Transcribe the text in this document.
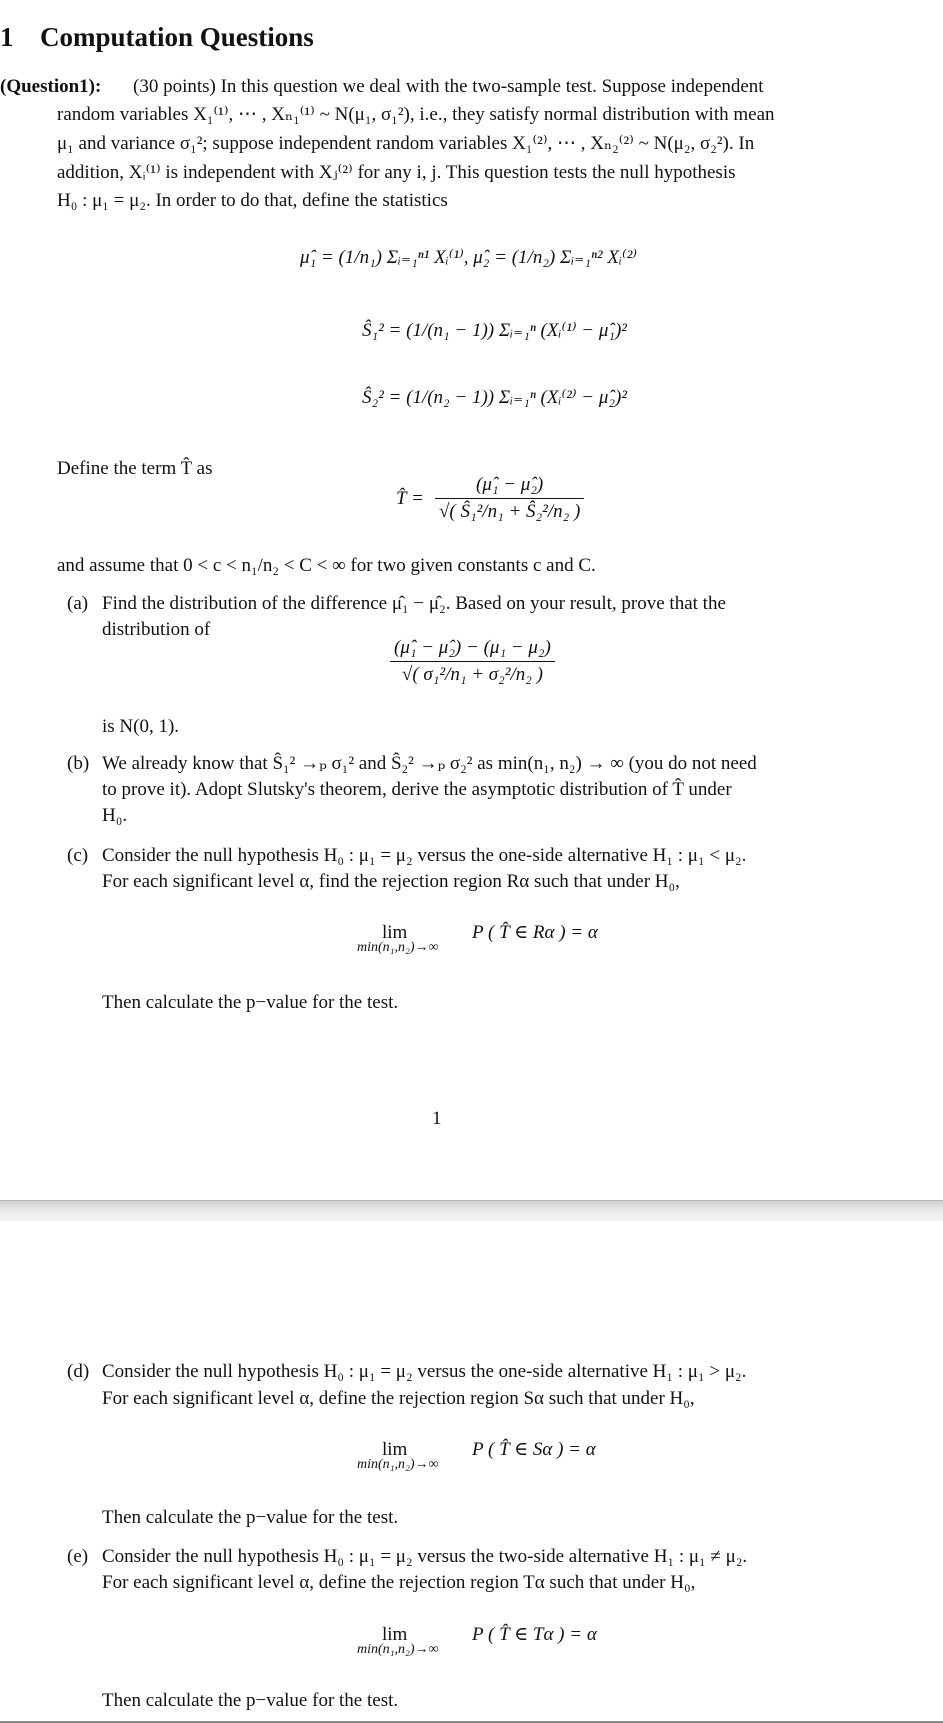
1 Computation Questions
(Question1): (30 points) In this question we deal with the two-sample test. Suppose independent
random variables X₁⁽¹⁾, ⋯ , Xₙ₁⁽¹⁾ ~ N(μ₁, σ₁²), i.e., they satisfy normal distribution with mean
μ₁ and variance σ₁²; suppose independent random variables X₁⁽²⁾, ⋯ , Xₙ₂⁽²⁾ ~ N(μ₂, σ₂²). In
addition, Xᵢ⁽¹⁾ is independent with Xⱼ⁽²⁾ for any i, j. This question tests the null hypothesis
H₀ : μ₁ = μ₂. In order to do that, define the statistics
μ̂₁ = (1/n₁) Σᵢ₌₁ⁿ¹ Xᵢ⁽¹⁾, μ̂₂ = (1/n₂) Σᵢ₌₁ⁿ² Xᵢ⁽²⁾
Ŝ₁² = (1/(n₁ − 1)) Σᵢ₌₁ⁿ (Xᵢ⁽¹⁾ − μ̂₁)²
Ŝ₂² = (1/(n₂ − 1)) Σᵢ₌₁ⁿ (Xᵢ⁽²⁾ − μ̂₂)²
Define the term T̂ as
T̂ = $\frac{\text{(μ̂₁ − μ̂₂)}}{\text{√( Ŝ₁²/n₁ + Ŝ₂²/n₂ )}}$
and assume that 0 < c < n₁/n₂ < C < ∞ for two given constants c and C.
(a) Find the distribution of the difference μ̂₁ − μ̂₂. Based on your result, prove that the
distribution of
$\frac{\text{(μ̂₁ − μ̂₂) − (μ₁ − μ₂)}}{\text{√( σ₁²/n₁ + σ₂²/n₂ )}}$
is N(0, 1).
(b) We already know that Ŝ₁² →ₚ σ₁² and Ŝ₂² →ₚ σ₂² as min(n₁, n₂) → ∞ (you do not need
to prove it). Adopt Slutsky's theorem, derive the asymptotic distribution of T̂ under
H₀.
(c) Consider the null hypothesis H₀ : μ₁ = μ₂ versus the one-side alternative H₁ : μ₁ < μ₂.
For each significant level α, find the rejection region Rα such that under H₀,
lim
min(n₁,n₂)→∞
P ( T̂ ∈ Rα ) = α
Then calculate the p−value for the test.
1
(d) Consider the null hypothesis H₀ : μ₁ = μ₂ versus the one-side alternative H₁ : μ₁ > μ₂.
For each significant level α, define the rejection region Sα such that under H₀,
lim
min(n₁,n₂)→∞
P ( T̂ ∈ Sα ) = α
Then calculate the p−value for the test.
(e) Consider the null hypothesis H₀ : μ₁ = μ₂ versus the two-side alternative H₁ : μ₁ ≠ μ₂.
For each significant level α, define the rejection region Tα such that under H₀,
lim
min(n₁,n₂)→∞
P ( T̂ ∈ Tα ) = α
Then calculate the p−value for the test.
